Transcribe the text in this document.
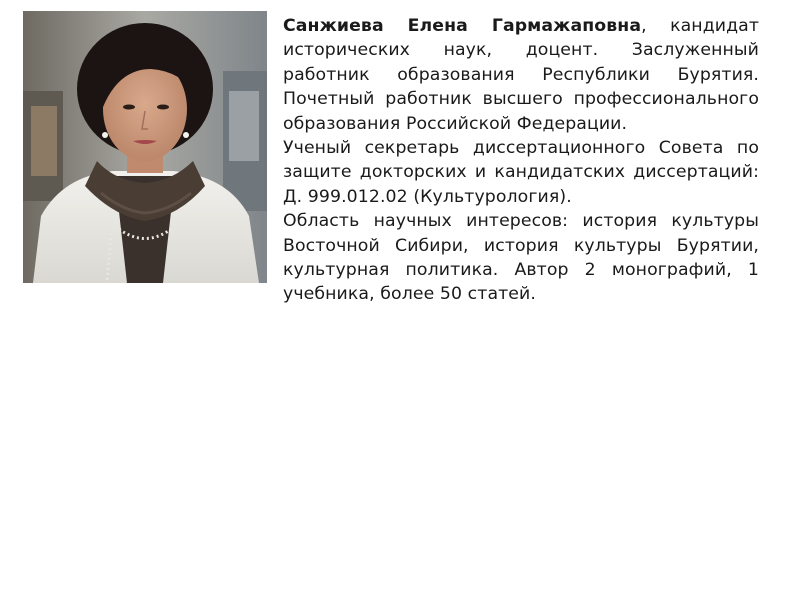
Санжиева Елена Гармажаповна, кандидат исторических наук, доцент. Заслуженный работник образования Республики Бурятия. Почетный работник высшего профессионального образования Российской Федерации.

Ученый секретарь диссертационного Совета по защите докторских и кандидатских диссертаций: Д. 999.012.02 (Культурология).

Область научных интересов: история культуры Восточной Сибири, история культуры Бурятии, культурная политика. Автор 2 монографий, 1 учебника, более 50 статей.
